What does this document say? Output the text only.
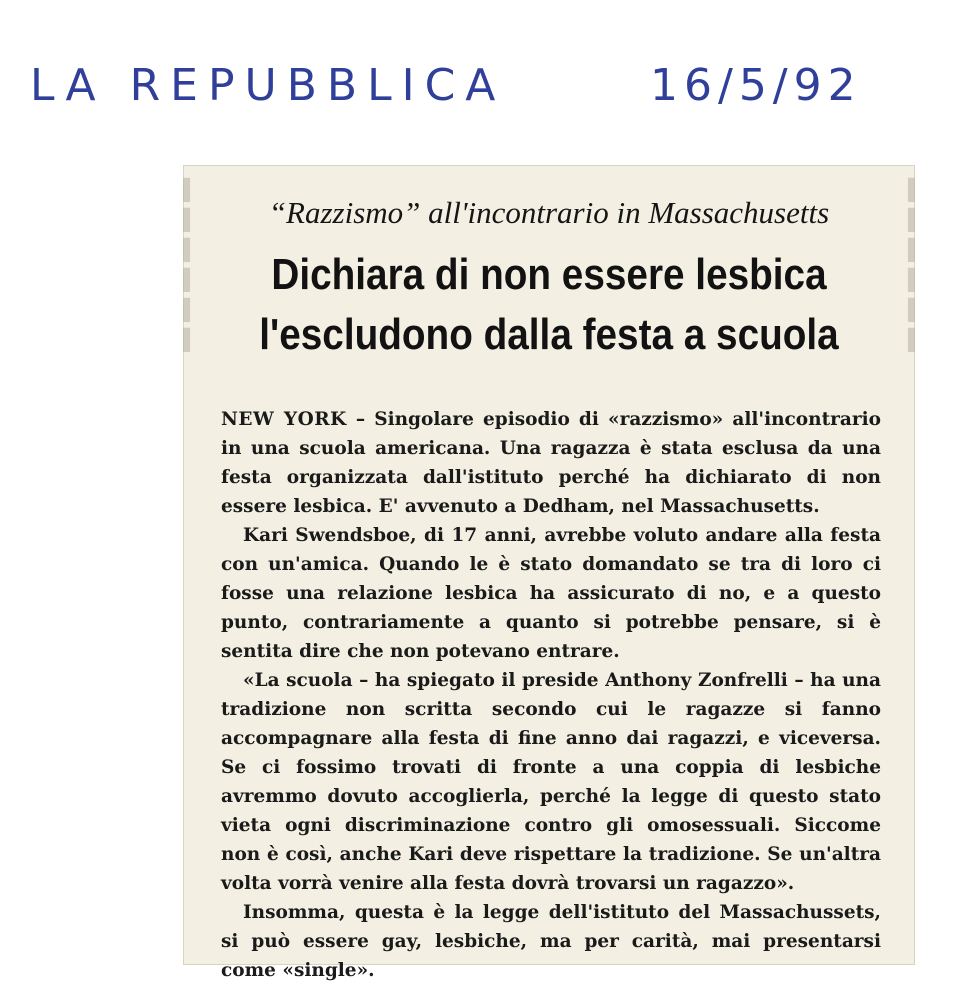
LA REPUBBLICA	16/5/92
▌
▌
▌
▌
▌
▌
▐
▐
▐
▐
▐
▐
“Razzismo” all'incontrario in Massachusetts
Dichiara di non essere lesbica
l'escludono dalla festa a scuola

NEW YORK – Singolare episodio di «razzismo» all'incontrario in una scuola americana. Una ragazza è stata esclusa da una festa organizzata dall'istituto perché ha dichiarato di non essere lesbica. E' avvenuto a Dedham, nel Massachusetts.

Kari Swendsboe, di 17 anni, avrebbe voluto andare alla festa con un'amica. Quando le è stato domandato se tra di loro ci fosse una relazione lesbica ha assicurato di no, e a questo punto, contrariamente a quanto si potrebbe pensare, si è sentita dire che non potevano entrare.

«La scuola – ha spiegato il preside Anthony Zonfrelli – ha una tradizione non scritta secondo cui le ragazze si fanno accompagnare alla festa di fine anno dai ragazzi, e viceversa. Se ci fossimo trovati di fronte a una coppia di lesbiche avremmo dovuto accoglierla, perché la legge di questo stato vieta ogni discriminazione contro gli omosessuali. Siccome non è così, anche Kari deve rispettare la tradizione. Se un'altra volta vorrà venire alla festa dovrà trovarsi un ragazzo».

Insomma, questa è la legge dell'istituto del Massachussets, si può essere gay, lesbiche, ma per carità, mai presentarsi come «single».
